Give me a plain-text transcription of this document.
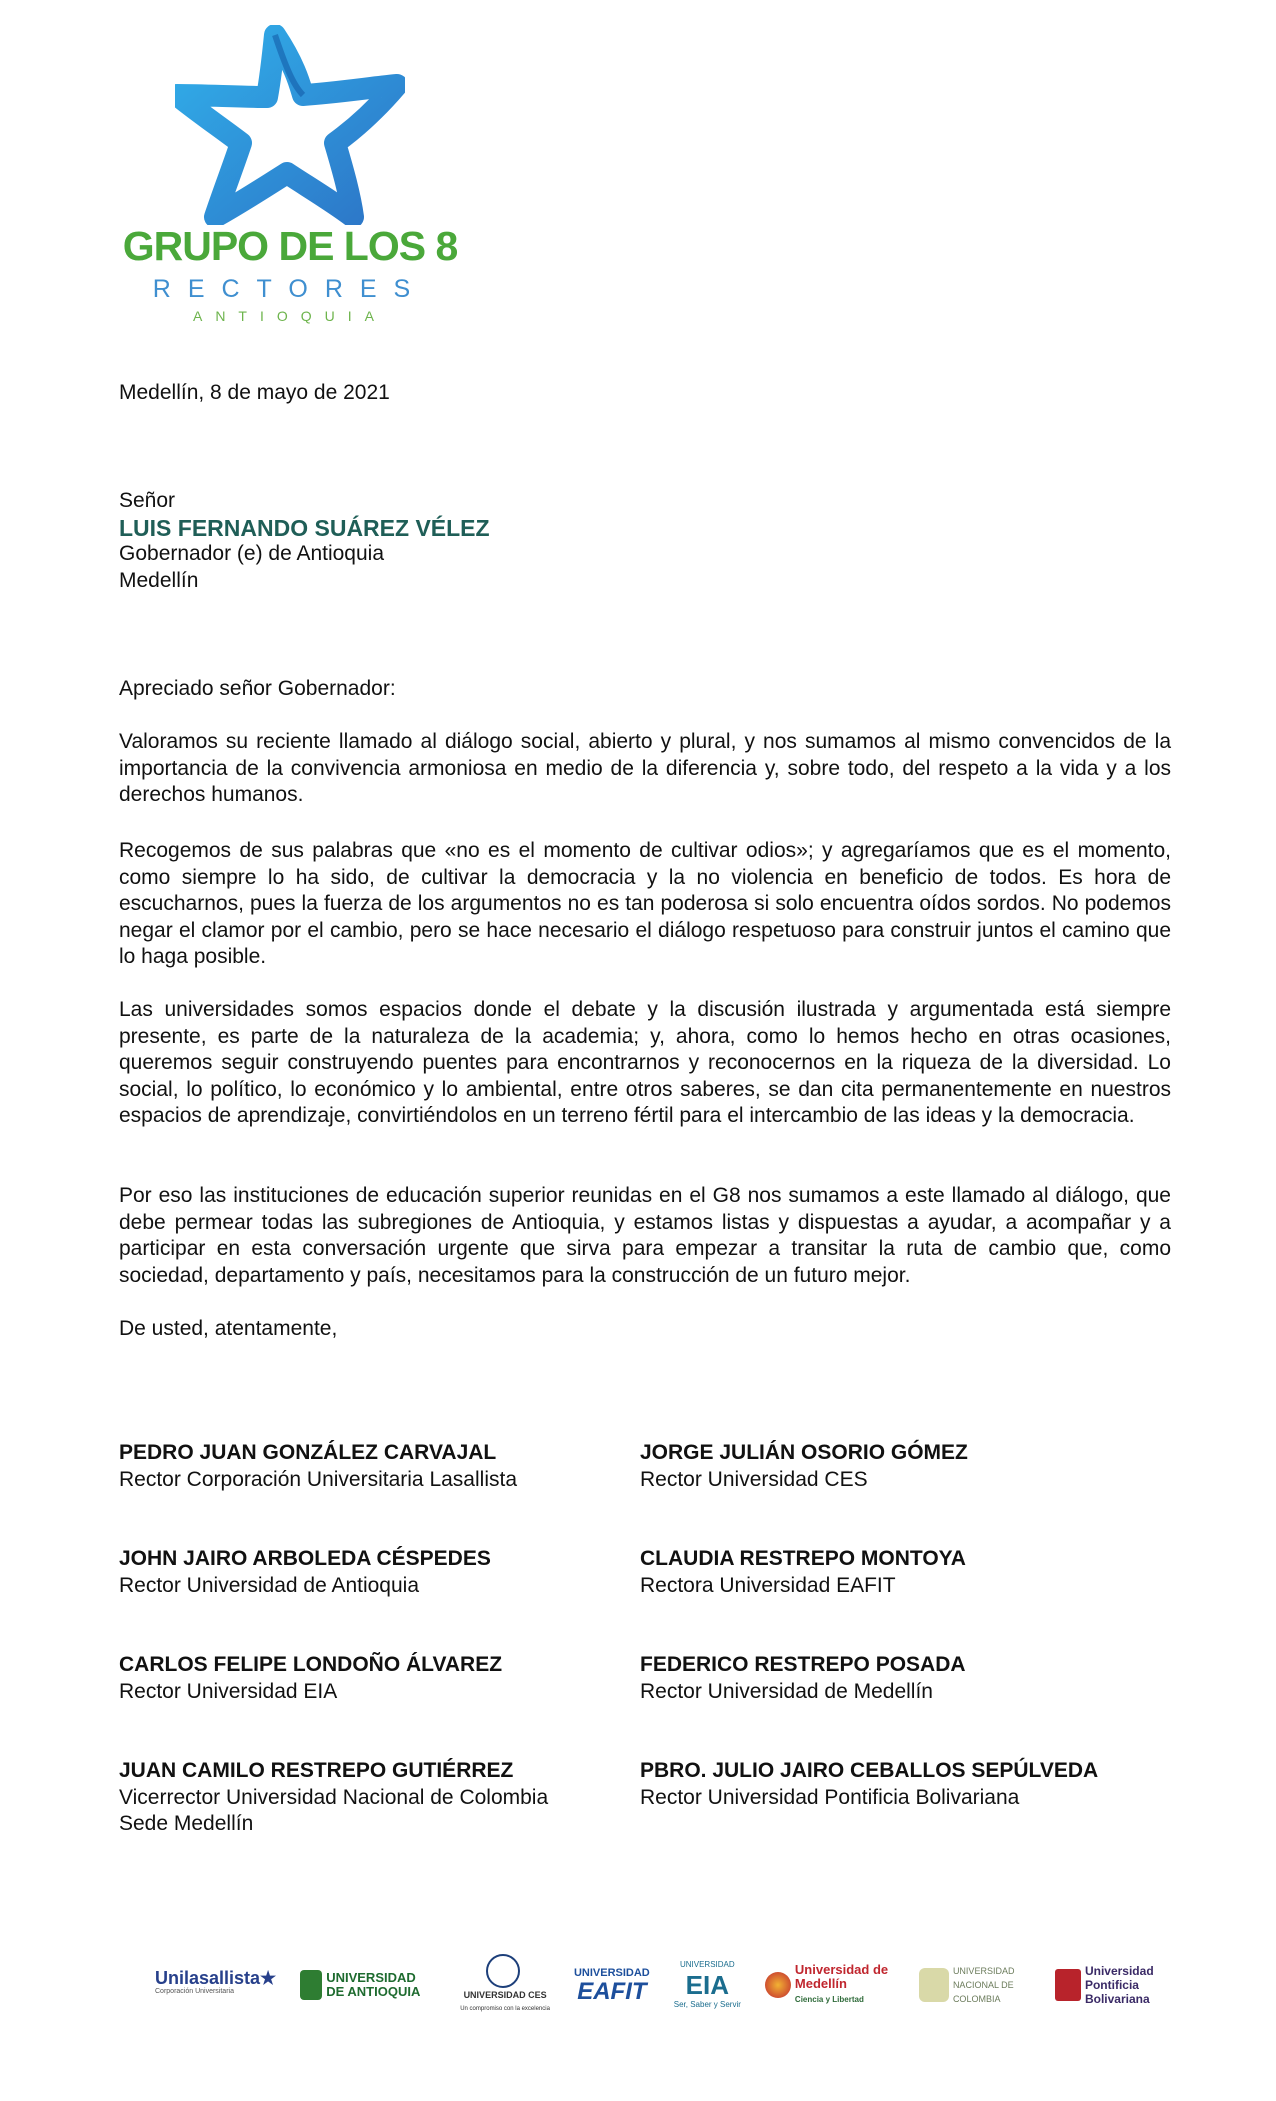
GRUPO DE LOS 8
RECTORES
ANTIOQUIA
Medellín, 8 de mayo de 2021
Señor
LUIS FERNANDO SUÁREZ VÉLEZ
Gobernador (e) de Antioquia
Medellín
Apreciado señor Gobernador:

Valoramos su reciente llamado al diálogo social, abierto y plural, y nos sumamos al mismo convencidos de la importancia de la convivencia armoniosa en medio de la diferencia y, sobre todo, del respeto a la vida y a los derechos humanos.

Recogemos de sus palabras que «no es el momento de cultivar odios»; y agregaríamos que es el momento, como siempre lo ha sido, de cultivar la democracia y la no violencia en beneficio de todos. Es hora de escucharnos, pues la fuerza de los argumentos no es tan poderosa si solo encuentra oídos sordos. No podemos negar el clamor por el cambio, pero se hace necesario el diálogo respetuoso para construir juntos el camino que lo haga posible.

Las universidades somos espacios donde el debate y la discusión ilustrada y argumentada está siempre presente, es parte de la naturaleza de la academia; y, ahora, como lo hemos hecho en otras ocasiones, queremos seguir construyendo puentes para encontrarnos y reconocernos en la riqueza de la diversidad. Lo social, lo político, lo económico y lo ambiental, entre otros saberes, se dan cita permanentemente en nuestros espacios de aprendizaje, convirtiéndolos en un terreno fértil para el intercambio de las ideas y la democracia.

Por eso las instituciones de educación superior reunidas en el G8 nos sumamos a este llamado al diálogo, que debe permear todas las subregiones de Antioquia, y estamos listas y dispuestas a ayudar, a acompañar y a participar en esta conversación urgente que sirva para empezar a transitar la ruta de cambio que, como sociedad, departamento y país, necesitamos para la construcción de un futuro mejor.

De usted, atentamente,
PEDRO JUAN GONZÁLEZ CARVAJAL
Rector Corporación Universitaria Lasallista
JORGE JULIÁN OSORIO GÓMEZ
Rector Universidad CES
JOHN JAIRO ARBOLEDA CÉSPEDES
Rector Universidad de Antioquia
CLAUDIA RESTREPO MONTOYA
Rectora Universidad EAFIT
CARLOS FELIPE LONDOÑO ÁLVAREZ
Rector Universidad EIA
FEDERICO RESTREPO POSADA
Rector Universidad de Medellín
JUAN CAMILO RESTREPO GUTIÉRREZ
Vicerrector Universidad Nacional de Colombia
Sede Medellín
PBRO. JULIO JAIRO CEBALLOS SEPÚLVEDA
Rector Universidad Pontificia Bolivariana
Unilasallista★
Corporación Universitaria
UNIVERSIDAD DE ANTIOQUIA	UNIVERSIDAD CES
Un compromiso con la excelencia
UNIVERSIDAD
EAFIT
UNIVERSIDAD
EIA
Ser, Saber y Servir
Universidad de Medellín
Ciencia y Libertad
UNIVERSIDAD NACIONAL DE COLOMBIA
Universidad Pontificia Bolivariana
